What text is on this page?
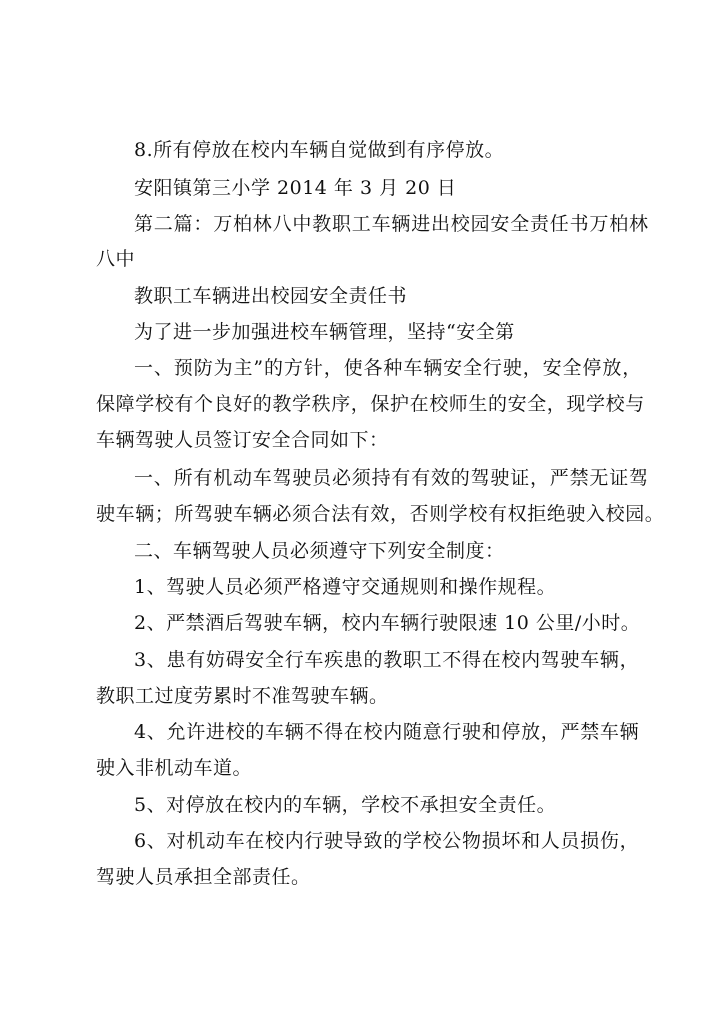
8.所有停放在校内车辆自觉做到有序停放。
安阳镇第三小学 2014 年 3 月 20 日
第二篇：万柏林八中教职工车辆进出校园安全责任书万柏林
八中
教职工车辆进出校园安全责任书
为了进一步加强进校车辆管理，坚持“安全第
一、预防为主”的方针，使各种车辆安全行驶，安全停放，
保障学校有个良好的教学秩序，保护在校师生的安全，现学校与
车辆驾驶人员签订安全合同如下：
一、所有机动车驾驶员必须持有有效的驾驶证，严禁无证驾
驶车辆；所驾驶车辆必须合法有效，否则学校有权拒绝驶入校园。
二、车辆驾驶人员必须遵守下列安全制度：
1、驾驶人员必须严格遵守交通规则和操作规程。
2、严禁酒后驾驶车辆，校内车辆行驶限速 10 公里/小时。
3、患有妨碍安全行车疾患的教职工不得在校内驾驶车辆，
教职工过度劳累时不准驾驶车辆。
4、允许进校的车辆不得在校内随意行驶和停放，严禁车辆
驶入非机动车道。
5、对停放在校内的车辆，学校不承担安全责任。
6、对机动车在校内行驶导致的学校公物损坏和人员损伤，
驾驶人员承担全部责任。
